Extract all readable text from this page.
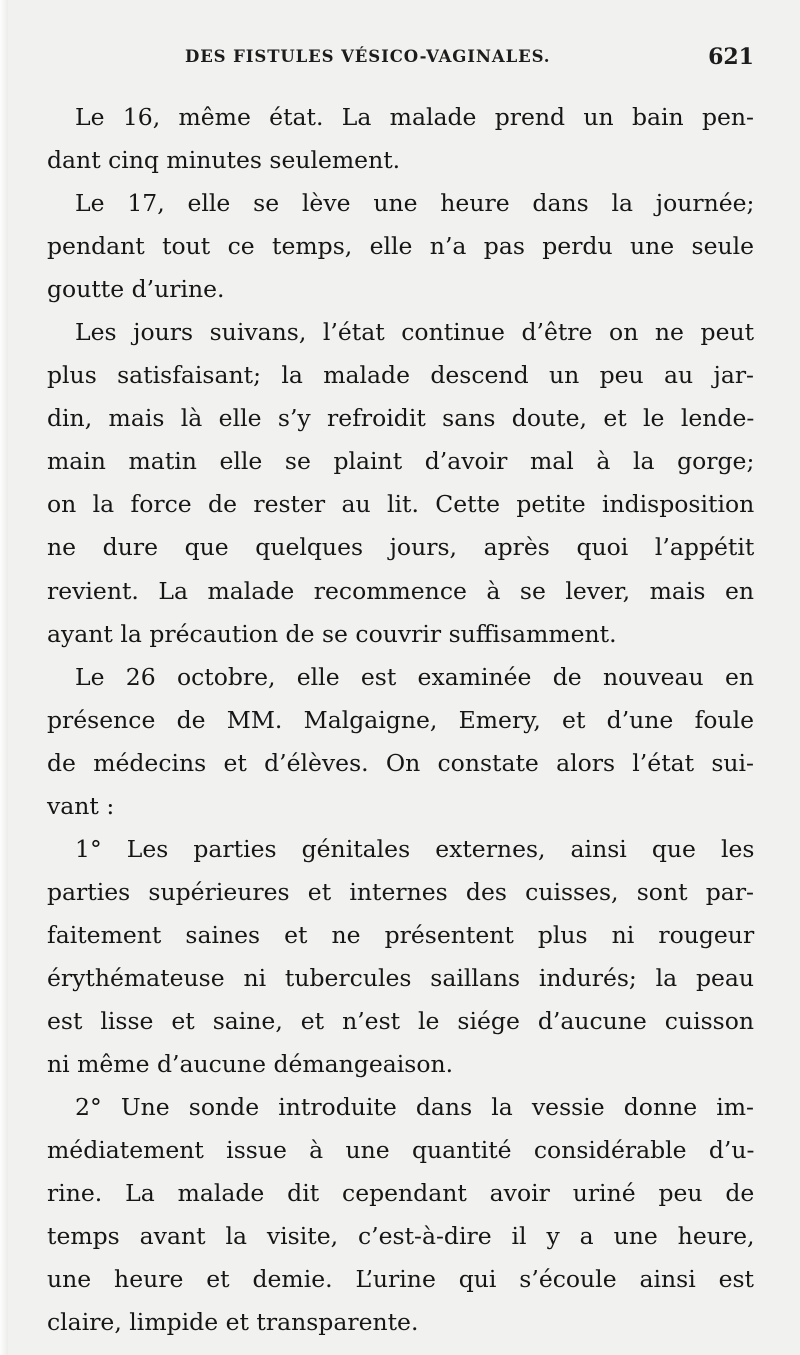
DES FISTULES VÉSICO-VAGINALES.	621
Le 16, même état. La malade prend un bain pen-
dant cinq minutes seulement.
Le 17, elle se lève une heure dans la journée;
pendant tout ce temps, elle n’a pas perdu une seule
goutte d’urine.
Les jours suivans, l’état continue d’être on ne peut
plus satisfaisant; la malade descend un peu au jar-
din, mais là elle s’y refroidit sans doute, et le lende-
main matin elle se plaint d’avoir mal à la gorge;
on la force de rester au lit. Cette petite indisposition
ne dure que quelques jours, après quoi l’appétit
revient. La malade recommence à se lever, mais en
ayant la précaution de se couvrir suffisamment.
Le 26 octobre, elle est examinée de nouveau en
présence de MM. Malgaigne, Emery, et d’une foule
de médecins et d’élèves. On constate alors l’état sui-
vant :
1° Les parties génitales externes, ainsi que les
parties supérieures et internes des cuisses, sont par-
faitement saines et ne présentent plus ni rougeur
érythémateuse ni tubercules saillans indurés; la peau
est lisse et saine, et n’est le siége d’aucune cuisson
ni même d’aucune démangeaison.
2° Une sonde introduite dans la vessie donne im-
médiatement issue à une quantité considérable d’u-
rine. La malade dit cependant avoir uriné peu de
temps avant la visite, c’est-à-dire il y a une heure,
une heure et demie. L’urine qui s’écoule ainsi est
claire, limpide et transparente.
